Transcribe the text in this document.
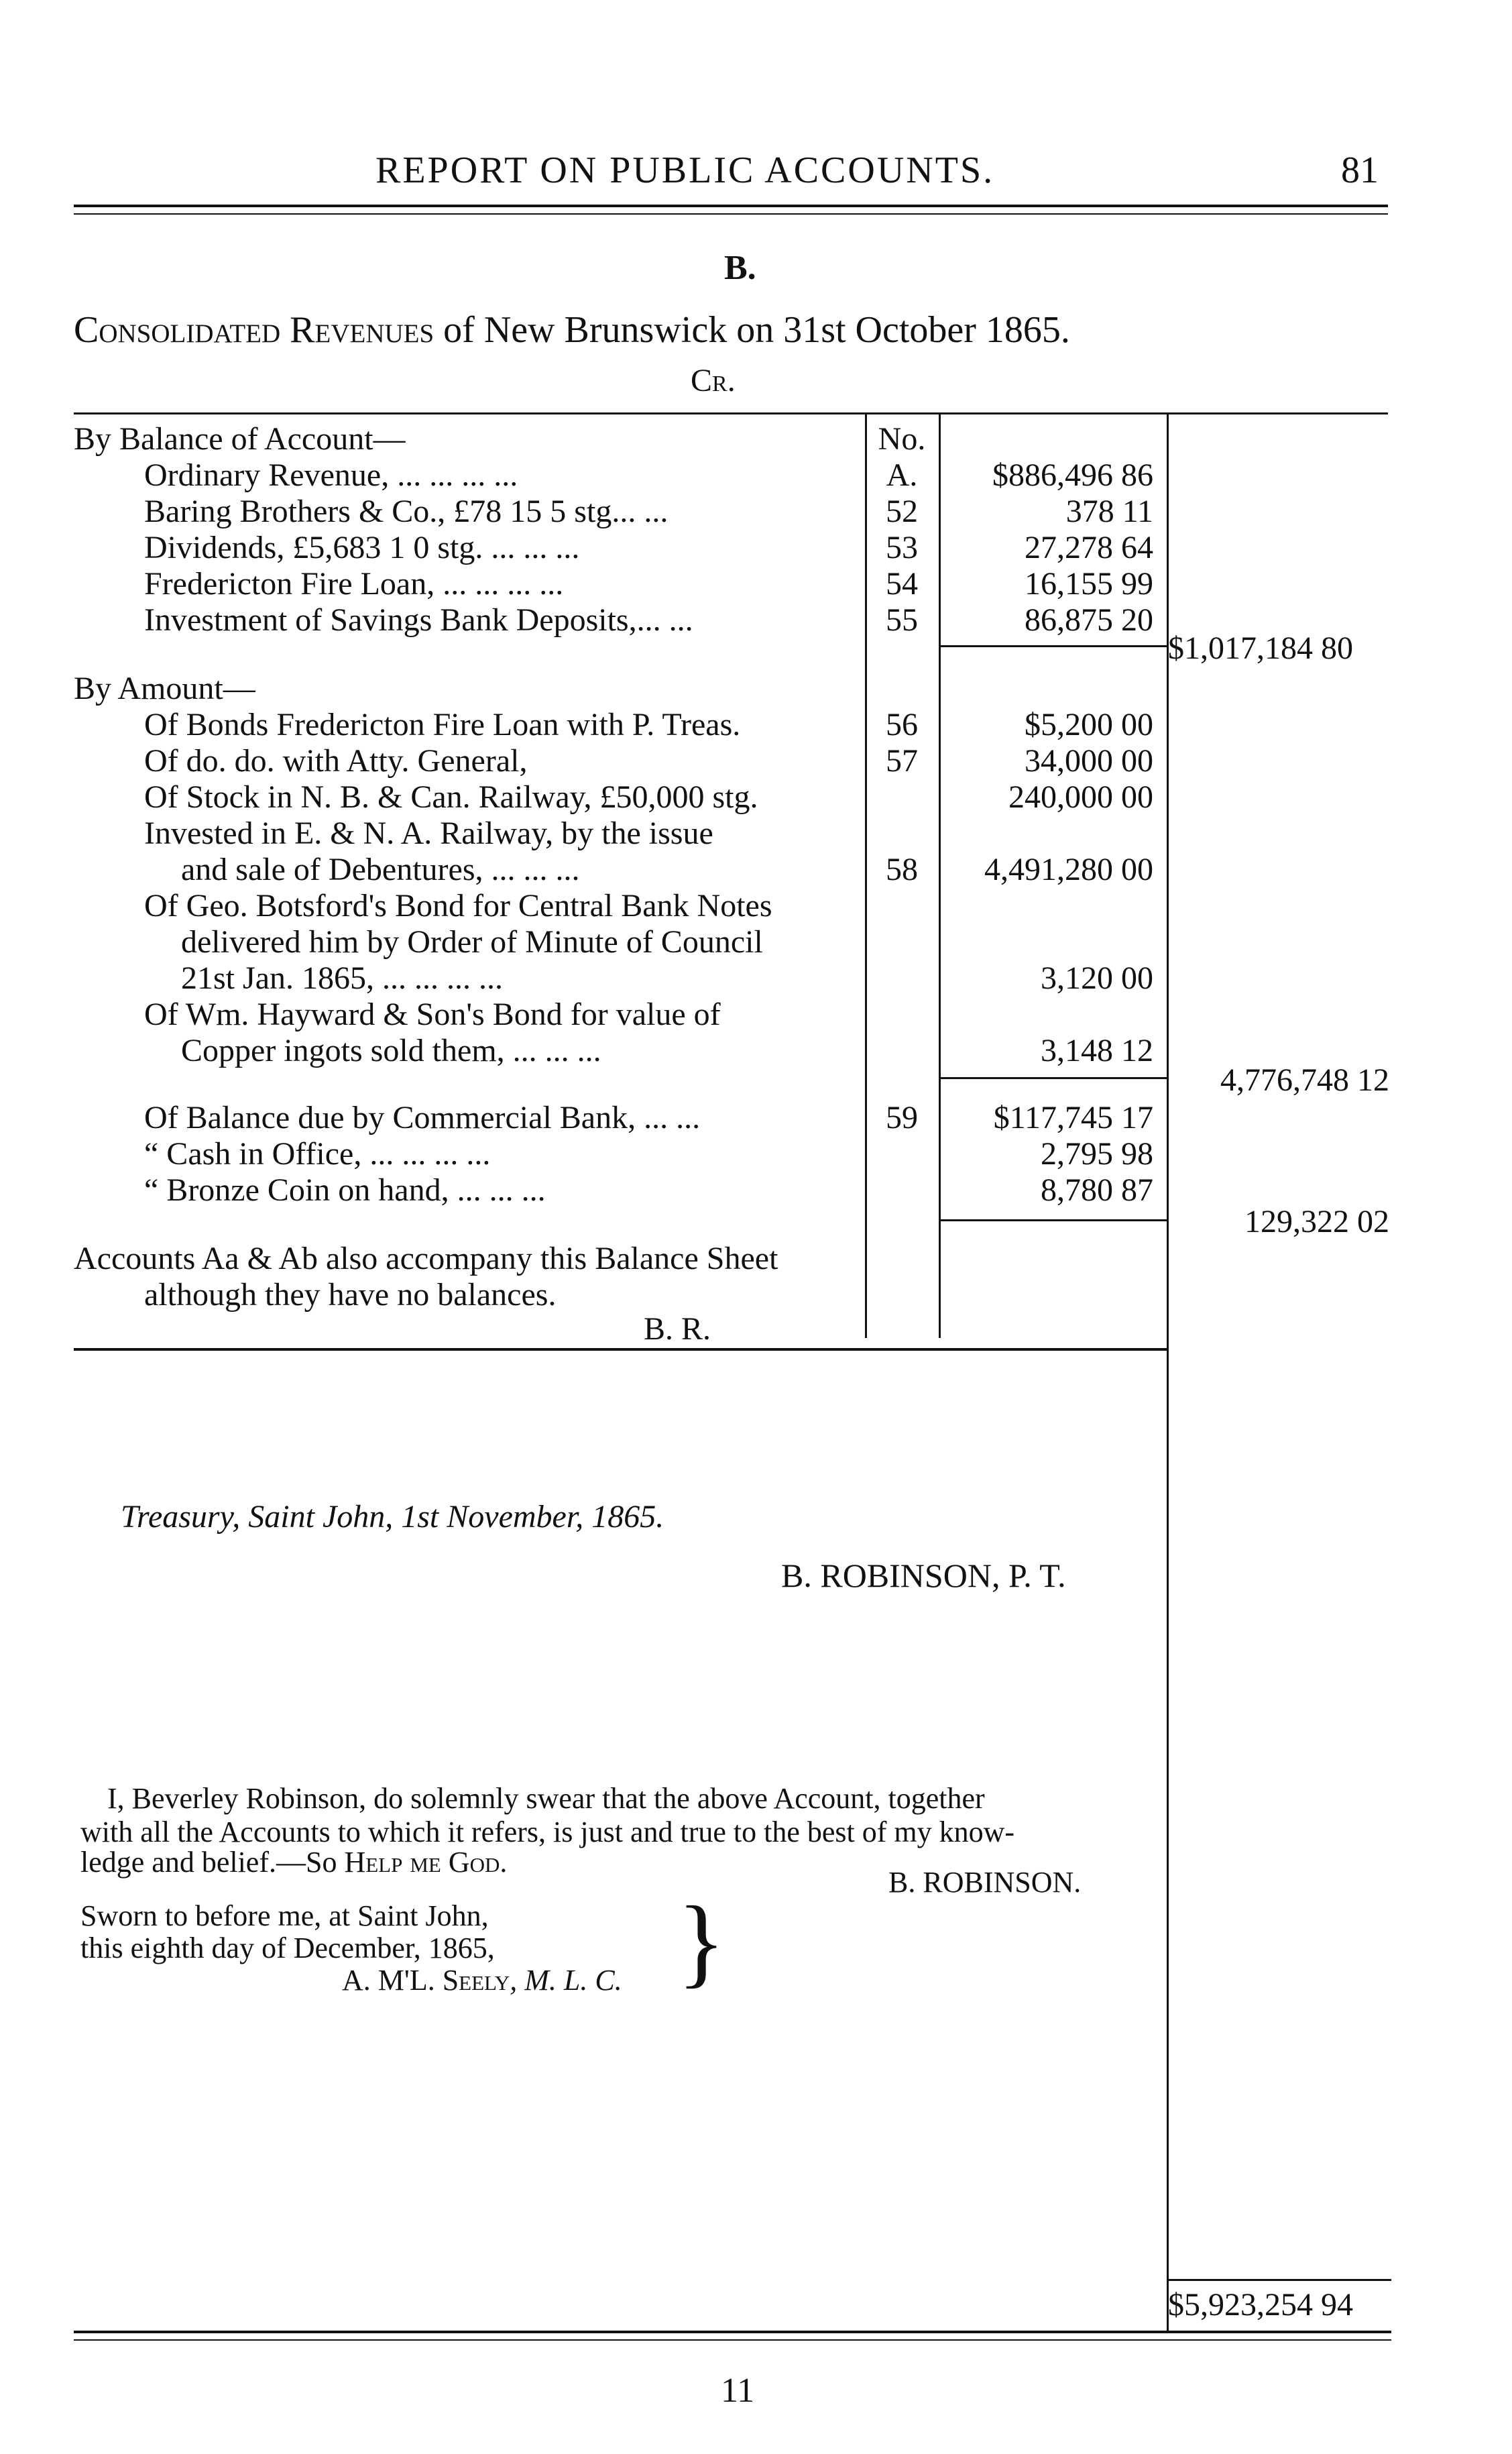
REPORT ON PUBLIC ACCOUNTS.	81
B.
Consolidated Revenues of New Brunswick on 31st October 1865.
Cr.
No.
By Balance of Account—
Ordinary Revenue, ... ... ... ...	A.	$886,496 86
Baring Brothers & Co., £78 15 5 stg... ...	52	378 11
Dividends, £5,683 1 0 stg. ... ... ...	53	27,278 64
Fredericton Fire Loan, ... ... ... ...	54	16,155 99
Investment of Savings Bank Deposits,... ...	55	86,875 20
$1,017,184 80
By Amount—
Of Bonds Fredericton Fire Loan with P. Treas.	56	$5,200 00
Of do. do. with Atty. General,	57	34,000 00
Of Stock in N. B. & Can. Railway, £50,000 stg.	240,000 00
Invested in E. & N. A. Railway, by the issue
and sale of Debentures, ... ... ...	58	4,491,280 00
Of Geo. Botsford's Bond for Central Bank Notes
delivered him by Order of Minute of Council
21st Jan. 1865, ... ... ... ...	3,120 00
Of Wm. Hayward & Son's Bond for value of
Copper ingots sold them, ... ... ...	3,148 12
4,776,748 12
Of Balance due by Commercial Bank, ... ...	59	$117,745 17
“ Cash in Office, ... ... ... ...	2,795 98
“ Bronze Coin on hand, ... ... ...	8,780 87
129,322 02
Accounts Aa & Ab also accompany this Balance Sheet
although they have no balances.
B. R.
Treasury, Saint John, 1st November, 1865.
B. ROBINSON, P. T.
I, Beverley Robinson, do solemnly swear that the above Account, together
with all the Accounts to which it refers, is just and true to the best of my know-
ledge and belief.—So Help me God.
B. ROBINSON.
Sworn to before me, at Saint John,
this eighth day of December, 1865,
A. M'L. Seely, M. L. C. }
$5,923,254 94
11
